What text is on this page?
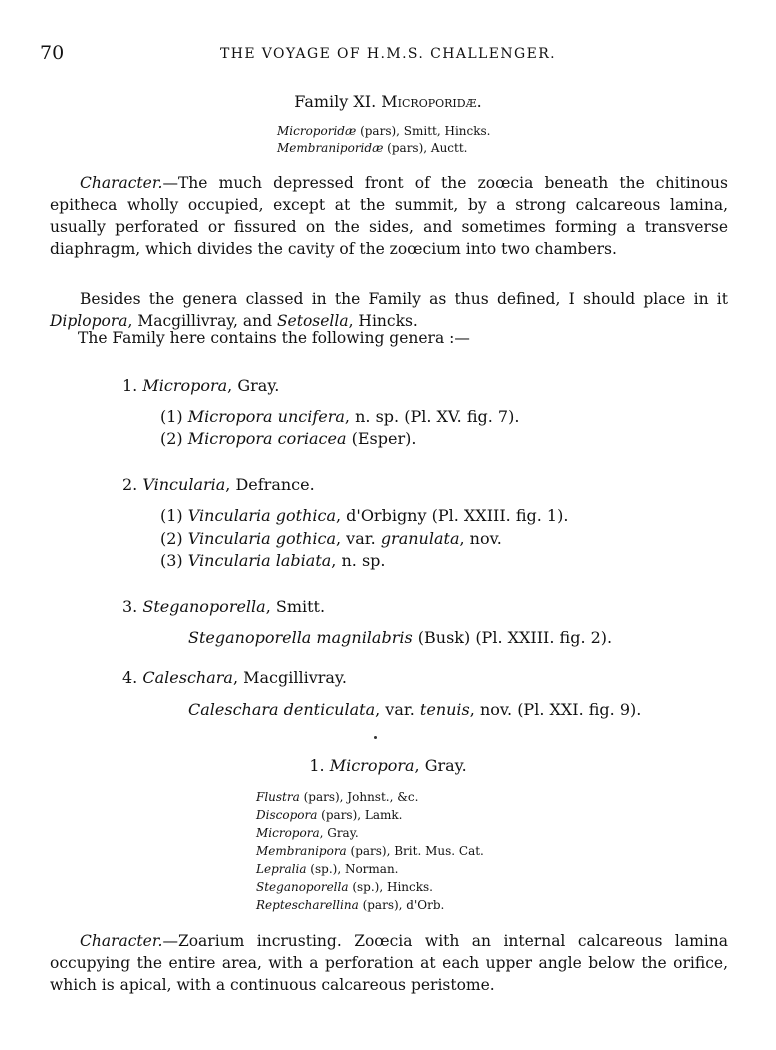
70	THE VOYAGE OF H.M.S. CHALLENGER.
Family XI. Microporidæ.
Microporidæ (pars), Smitt, Hincks.
Membraniporidæ (pars), Auctt.
Character.—The much depressed front of the zoœcia beneath the chitinous epitheca wholly occupied, except at the summit, by a strong calcareous lamina, usually perforated or fissured on the sides, and sometimes forming a transverse diaphragm, which divides the cavity of the zoœcium into two chambers.
Besides the genera classed in the Family as thus defined, I should place in it Diplopora, Macgillivray, and Setosella, Hincks.
The Family here contains the following genera :—
1. Micropora, Gray.
(1) Micropora uncifera, n. sp. (Pl. XV. fig. 7).
(2) Micropora coriacea (Esper).
2. Vincularia, Defrance.
(1) Vincularia gothica, d'Orbigny (Pl. XXIII. fig. 1).
(2) Vincularia gothica, var. granulata, nov.
(3) Vincularia labiata, n. sp.
3. Steganoporella, Smitt.
Steganoporella magnilabris (Busk) (Pl. XXIII. fig. 2).
4. Caleschara, Macgillivray.
Caleschara denticulata, var. tenuis, nov. (Pl. XXI. fig. 9).
1. Micropora, Gray.
Flustra (pars), Johnst., &c.
Discopora (pars), Lamk.
Micropora, Gray.
Membranipora (pars), Brit. Mus. Cat.
Lepralia (sp.), Norman.
Steganoporella (sp.), Hincks.
Reptescharellina (pars), d'Orb.
Character.—Zoarium incrusting. Zoœcia with an internal calcareous lamina occupying the entire area, with a perforation at each upper angle below the orifice, which is apical, with a continuous calcareous peristome.
